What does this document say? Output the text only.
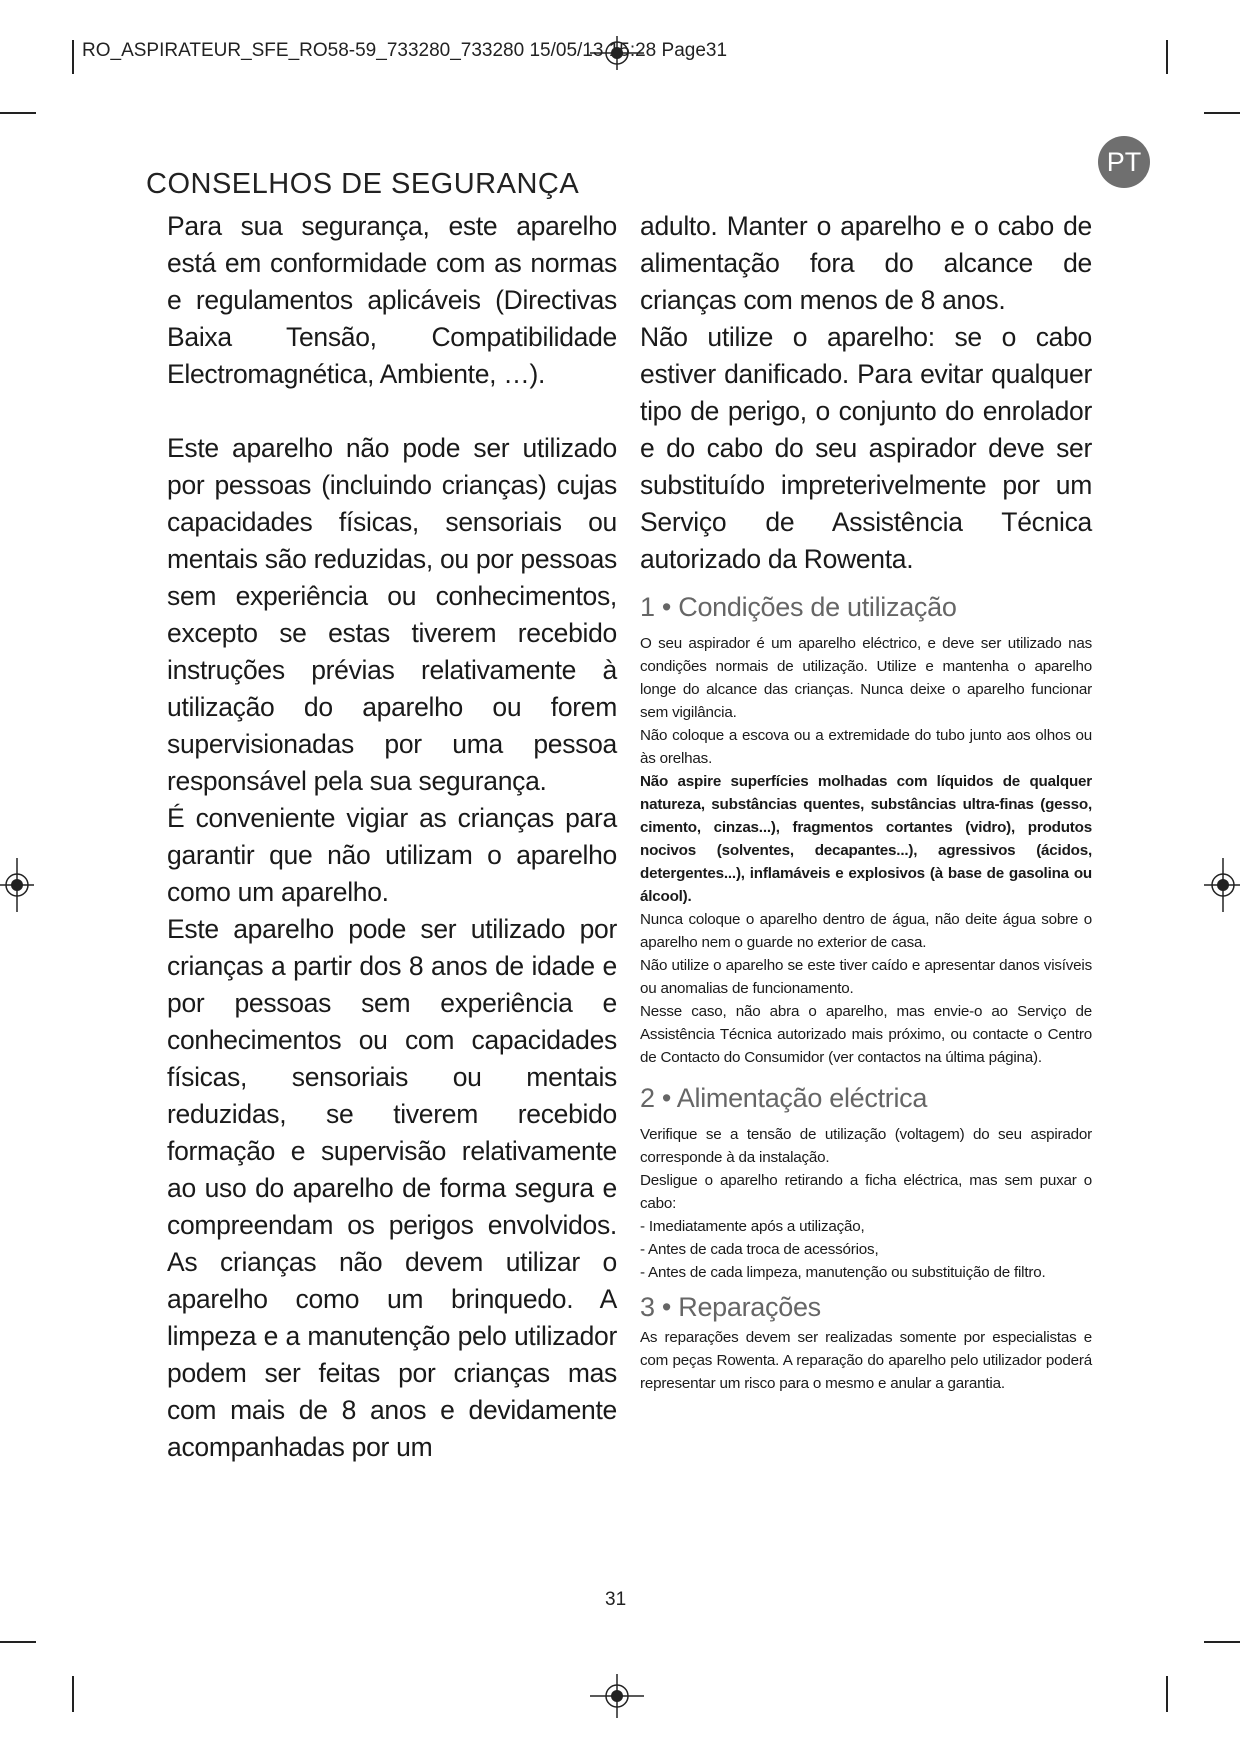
RO_ASPIRATEUR_SFE_RO58-59_733280_733280 15/05/13 15:28 Page31
PT
CONSELHOS DE SEGURANÇA

Para sua segurança, este aparelho está em conformidade com as normas e regulamentos aplicáveis (Directivas Baixa Tensão, Compatibilidade Electromagnética, Ambiente, …).

Este aparelho não pode ser utilizado por pessoas (incluindo crianças) cujas capacidades físicas, sensoriais ou mentais são reduzidas, ou por pessoas sem experiência ou conhecimentos, excepto se estas tiverem recebido instruções prévias relativamente à utilização do aparelho ou forem supervisionadas por uma pessoa responsável pela sua segurança.

É conveniente vigiar as crianças para garantir que não utilizam o aparelho como um aparelho.

Este aparelho pode ser utilizado por crianças a partir dos 8 anos de idade e por pessoas sem experiência e conhecimentos ou com capacidades físicas, sensoriais ou mentais reduzidas, se tiverem recebido formação e supervisão relativamente ao uso do aparelho de forma segura e compreendam os perigos envolvidos. As crianças não devem utilizar o aparelho como um brinquedo. A limpeza e a manutenção pelo utilizador podem ser feitas por crianças mas com mais de 8 anos e devidamente acompanhadas por um

adulto. Manter o aparelho e o cabo de alimentação fora do alcance de crianças com menos de 8 anos.

Não utilize o aparelho: se o cabo estiver danificado. Para evitar qualquer tipo de perigo, o conjunto do enrolador e do cabo do seu aspirador deve ser substituído impreterivelmente por um Serviço de Assistência Técnica autorizado da Rowenta.

1 • Condições de utilização

O seu aspirador é um aparelho eléctrico, e deve ser utilizado nas condições normais de utilização. Utilize e mantenha o aparelho longe do alcance das crianças. Nunca deixe o aparelho funcionar sem vigilância.

Não coloque a escova ou a extremidade do tubo junto aos olhos ou às orelhas.

Não aspire superfícies molhadas com líquidos de qualquer natureza, substâncias quentes, substâncias ultra-finas (gesso, cimento, cinzas...), fragmentos cortantes (vidro), produtos nocivos (solventes, decapantes...), agressivos (ácidos, detergentes...), inflamáveis e explosivos (à base de gasolina ou álcool).

Nunca coloque o aparelho dentro de água, não deite água sobre o aparelho nem o guarde no exterior de casa.

Não utilize o aparelho se este tiver caído e apresentar danos visíveis ou anomalias de funcionamento.

Nesse caso, não abra o aparelho, mas envie-o ao Serviço de Assistência Técnica autorizado mais próximo, ou contacte o Centro de Contacto do Consumidor (ver contactos na última página).

2 • Alimentação eléctrica

Verifique se a tensão de utilização (voltagem) do seu aspirador corresponde à da instalação.

Desligue o aparelho retirando a ficha eléctrica, mas sem puxar o cabo:

- Imediatamente após a utilização,

- Antes de cada troca de acessórios,

- Antes de cada limpeza, manutenção ou substituição de filtro.

3 • Reparações

As reparações devem ser realizadas somente por especialistas e com peças Rowenta. A reparação do aparelho pelo utilizador poderá representar um risco para o mesmo e anular a garantia.

31
